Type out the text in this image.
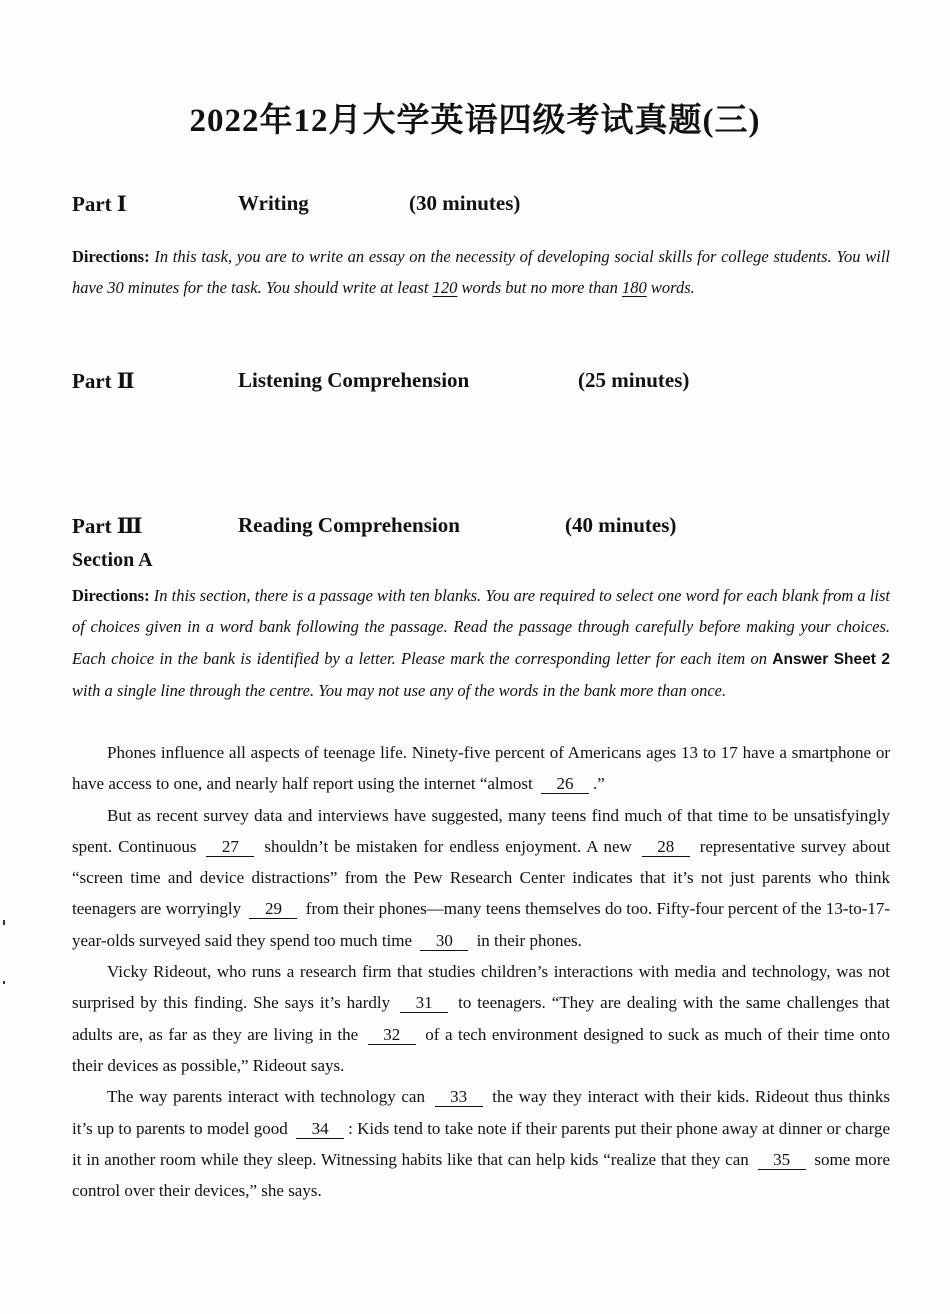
2022年12月大学英语四级考试真题(三)
Part Ⅰ	Writing	(30 minutes)
Directions: In this task, you are to write an essay on the necessity of developing social skills for college students. You will have 30 minutes for the task. You should write at least 120 words but no more than 180 words.
Part Ⅱ	Listening Comprehension	(25 minutes)
Part Ⅲ	Reading Comprehension	(40 minutes)
Section A
Directions: In this section, there is a passage with ten blanks. You are required to select one word for each blank from a list of choices given in a word bank following the passage. Read the passage through carefully before making your choices. Each choice in the bank is identified by a letter. Please mark the corresponding letter for each item on Answer Sheet 2 with a single line through the centre. You may not use any of the words in the bank more than once.

Phones influence all aspects of teenage life. Ninety-five percent of Americans ages 13 to 17 have a smartphone or have access to one, and nearly half report using the internet “almost 26 .”

But as recent survey data and interviews have suggested, many teens find much of that time to be unsatisfyingly spent. Continuous 27 shouldn’t be mistaken for endless enjoyment. A new 28 representative survey about “screen time and device distractions” from the Pew Research Center indicates that it’s not just parents who think teenagers are worryingly 29 from their phones—many teens themselves do too. Fifty-four percent of the 13-to-17-year-olds surveyed said they spend too much time 30 in their phones.

Vicky Rideout, who runs a research firm that studies children’s interactions with media and technology, was not surprised by this finding. She says it’s hardly 31 to teenagers. “They are dealing with the same challenges that adults are, as far as they are living in the 32 of a tech environment designed to suck as much of their time onto their devices as possible,” Rideout says.

The way parents interact with technology can 33 the way they interact with their kids. Rideout thus thinks it’s up to parents to model good 34 : Kids tend to take note if their parents put their phone away at dinner or charge it in another room while they sleep. Witnessing habits like that can help kids “realize that they can 35 some more control over their devices,” she says.
